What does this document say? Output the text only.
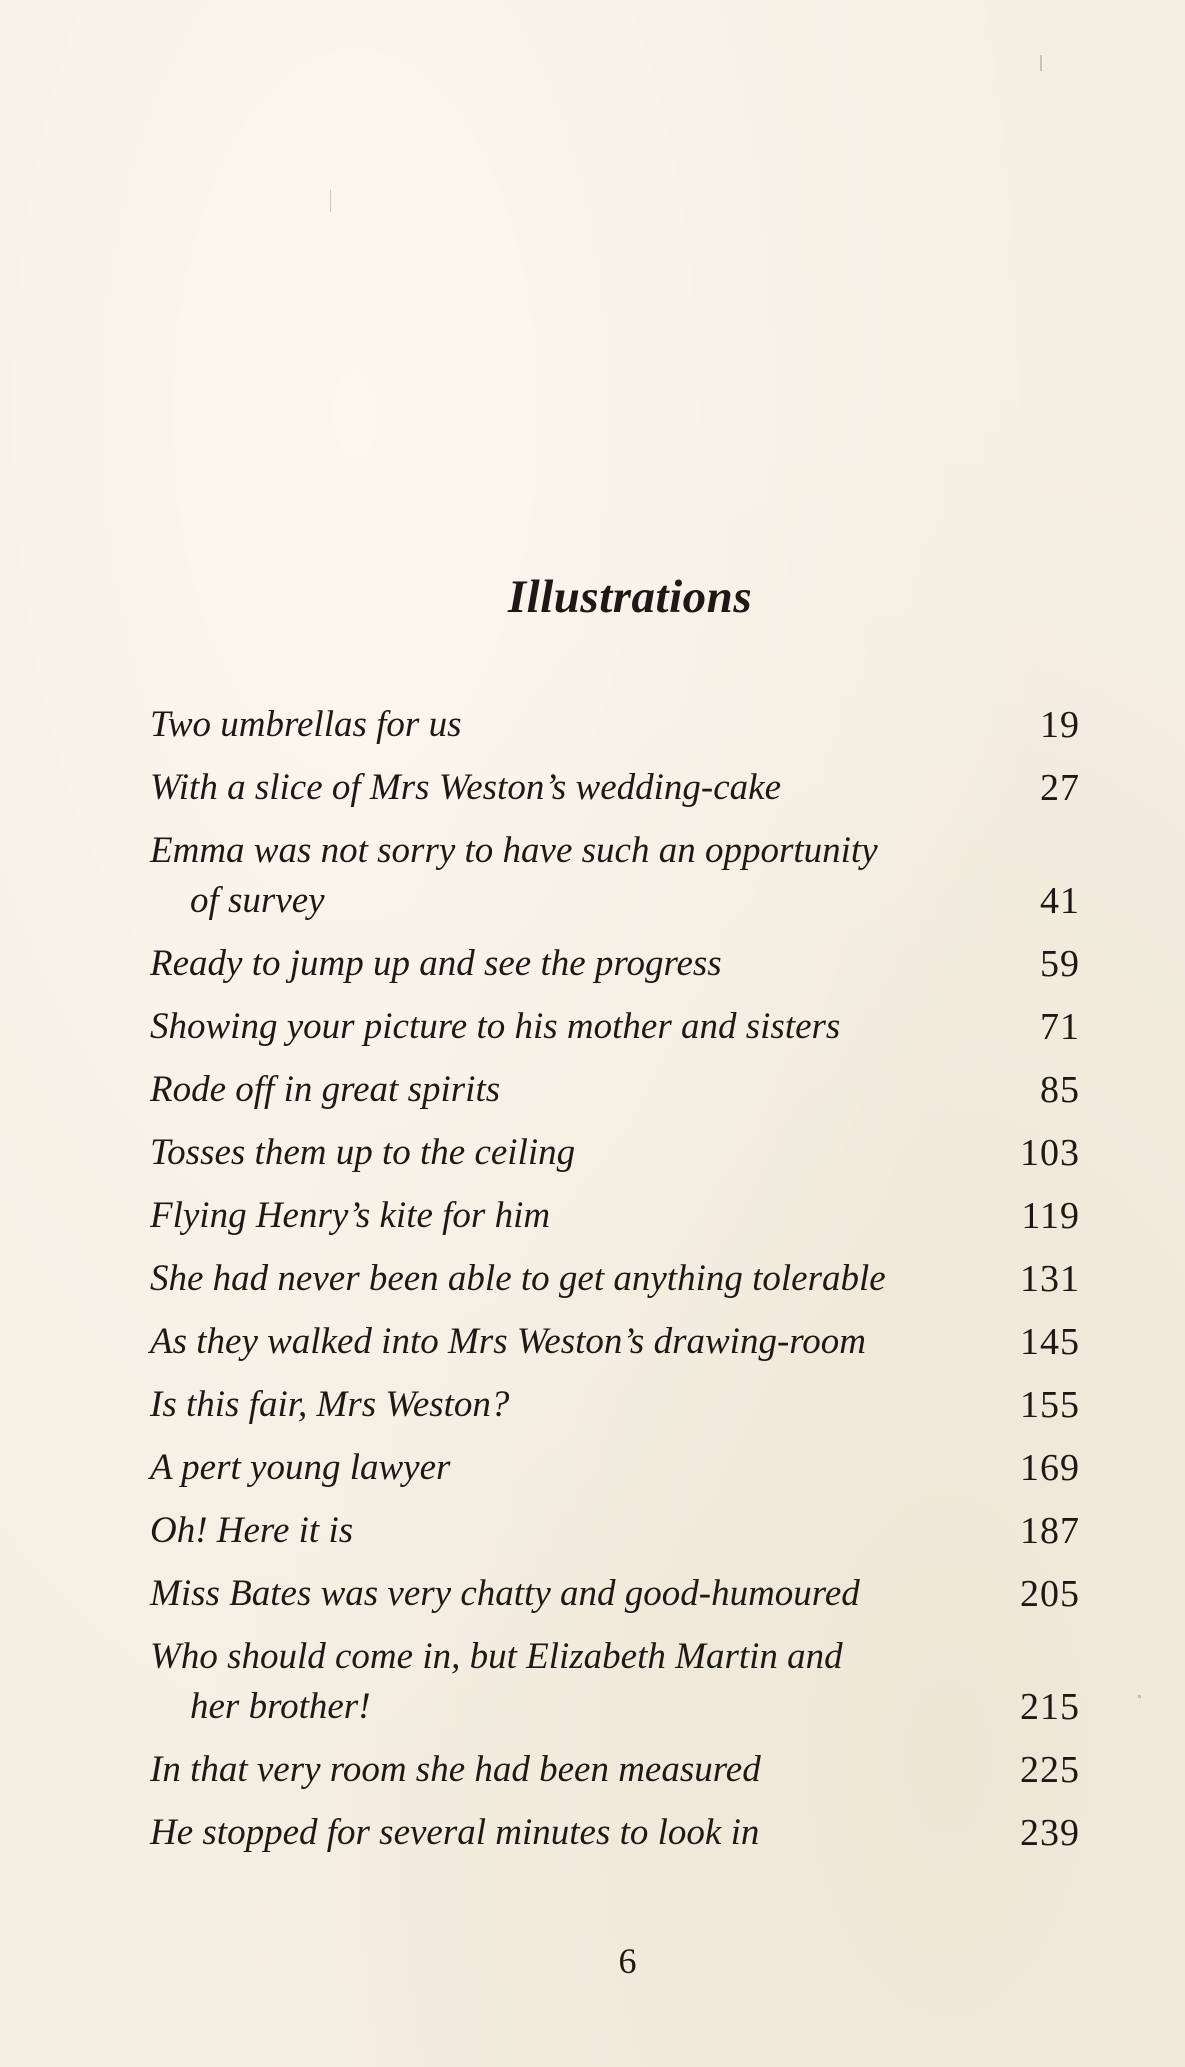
Illustrations
Two umbrellas for us	19
With a slice of Mrs Weston’s wedding-cake	27
Emma was not sorry to have such an opportunity
of survey	41
Ready to jump up and see the progress	59
Showing your picture to his mother and sisters	71
Rode off in great spirits	85
Tosses them up to the ceiling	103
Flying Henry’s kite for him	119
She had never been able to get anything tolerable	131
As they walked into Mrs Weston’s drawing-room	145
Is this fair, Mrs Weston?	155
A pert young lawyer	169
Oh! Here it is	187
Miss Bates was very chatty and good-humoured	205
Who should come in, but Elizabeth Martin and
her brother!	215
In that very room she had been measured	225
He stopped for several minutes to look in	239
6
